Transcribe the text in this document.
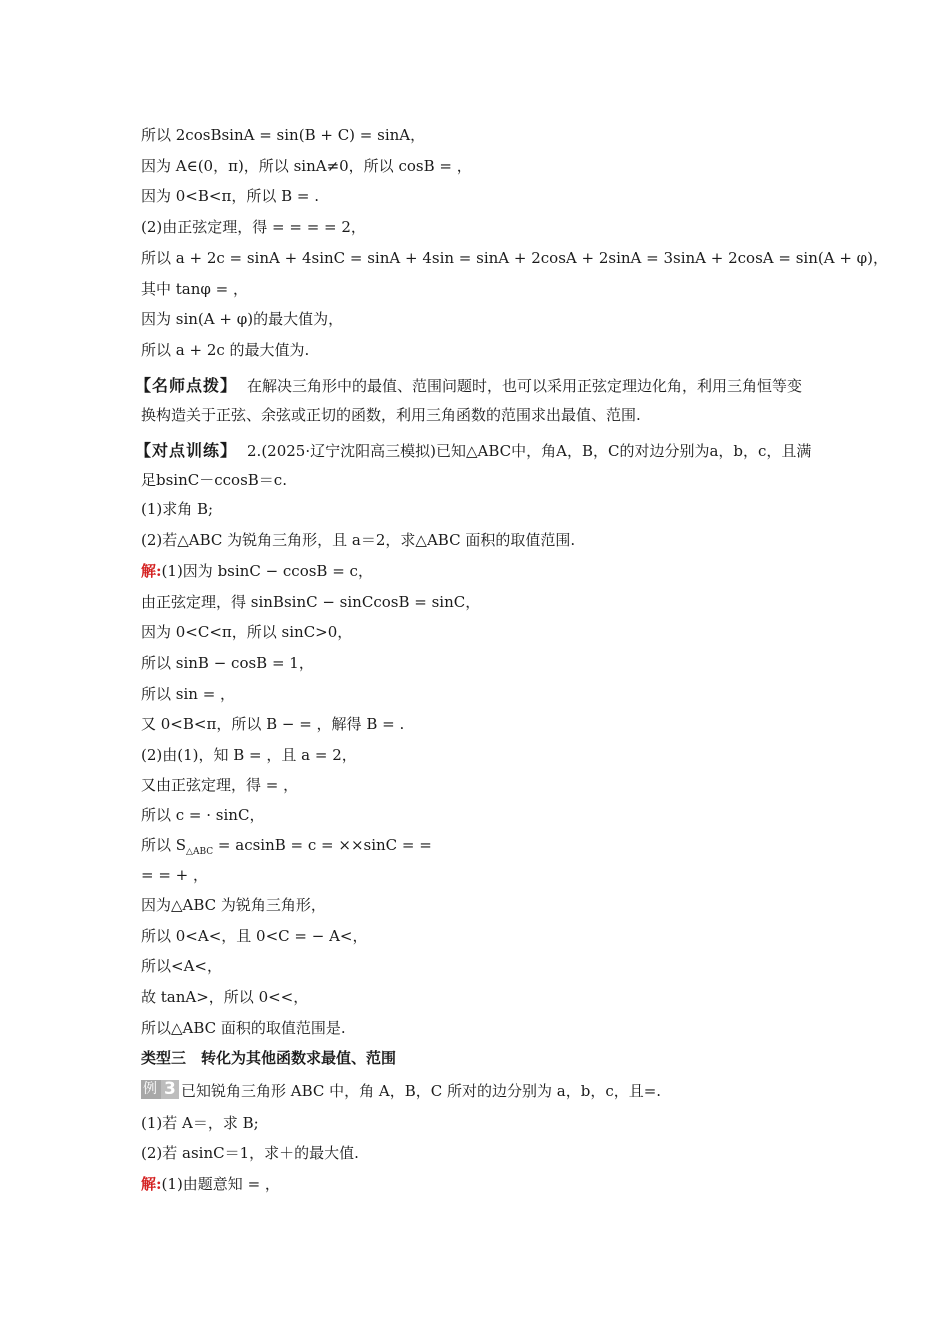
所以 2cosBsinA = sin(B + C) = sinA，
因为 A∈(0，π)，所以 sinA≠0，所以 cosB = ，
因为 0<B<π，所以 B = .
(2)由正弦定理，得 = = = = 2，
所以 a + 2c = sinA + 4sinC = sinA + 4sin = sinA + 2cosA + 2sinA = 3sinA + 2cosA = sin(A + φ)，
其中 tanφ = ，
因为 sin(A + φ)的最大值为，
所以 a + 2c 的最大值为.
【名师点拨】 在解决三角形中的最值、范围问题时，也可以采用正弦定理边化角，利用三角恒等变换构造关于正弦、余弦或正切的函数，利用三角函数的范围求出最值、范围.
【对点训练】 2.(2025·辽宁沈阳高三模拟)已知△ABC中，角A，B，C的对边分别为a，b，c，且满足bsinC－ccosB＝c.
(1)求角 B;
(2)若△ABC 为锐角三角形，且 a＝2，求△ABC 面积的取值范围.
解:(1)因为 bsinC − ccosB = c，
由正弦定理，得 sinBsinC − sinCcosB = sinC，
因为 0<C<π，所以 sinC>0，
所以 sinB − cosB = 1，
所以 sin = ，
又 0<B<π，所以 B − = ，解得 B = .
(2)由(1)，知 B = ，且 a = 2，
又由正弦定理，得 = ，
所以 c = · sinC，
所以 $S_{\triangle ABC} = acsinB = c = \times\times\sin C$ = =
= = + ，
因为△ABC 为锐角三角形，
所以 0<A<，且 0<C = − A<，
所以<A<，
故 tanA>，所以 0<<，
所以△ABC 面积的取值范围是.
类型三　转化为其他函数求最值、范围
例 3 已知锐角三角形 ABC 中，角 A，B，C 所对的边分别为 a，b，c，且=.
(1)若 A＝，求 B;
(2)若 asinC＝1，求＋的最大值.
解:(1)由题意知 = ，
